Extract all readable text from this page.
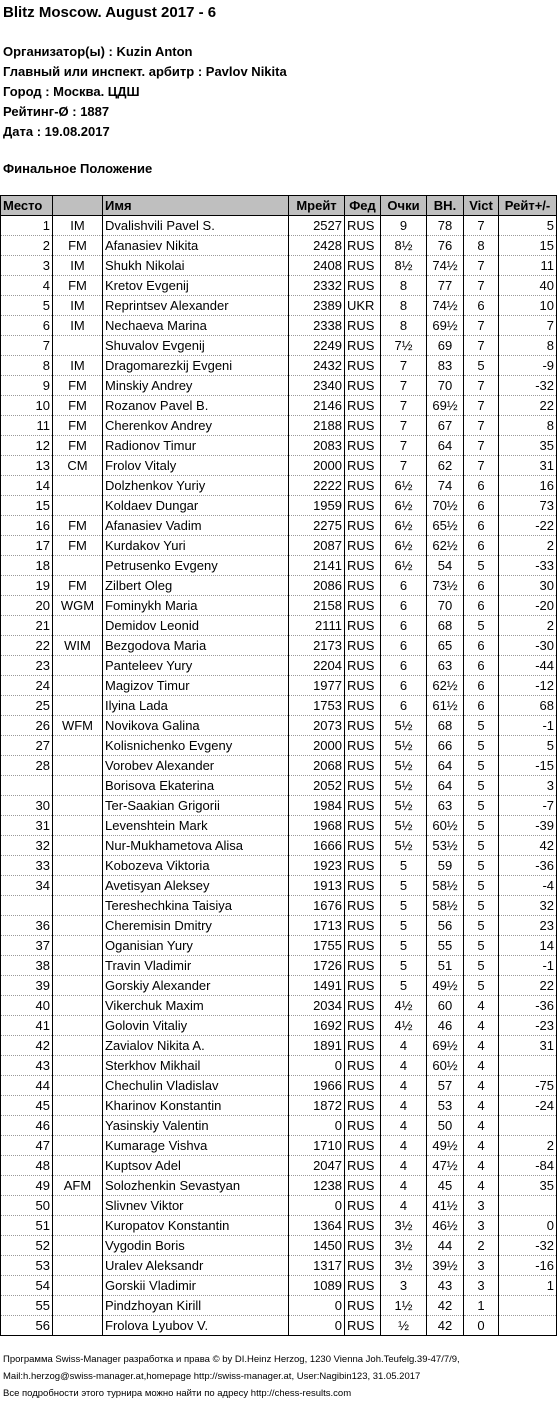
Blitz Moscow. August 2017 - 6
Организатор(ы) : Kuzin Anton
Главный или инспект. арбитр : Pavlov Nikita
Город : Москва. ЦДШ
Рейтинг-Ø : 1887
Дата : 19.08.2017
Финальное Положение
Место		Имя	Мрейт	Фед	Очки	ВН.	Vict	Рейт+/-
1	IM	Dvalishvili Pavel S.	2527	RUS	9	78	7	5
2	FM	Afanasiev Nikita	2428	RUS	8½	76	8	15
3	IM	Shukh Nikolai	2408	RUS	8½	74½	7	11
4	FM	Kretov Evgenij	2332	RUS	8	77	7	40
5	IM	Reprintsev Alexander	2389	UKR	8	74½	6	10
6	IM	Nechaeva Marina	2338	RUS	8	69½	7	7
7		Shuvalov Evgenij	2249	RUS	7½	69	7	8
8	IM	Dragomarezkij Evgeni	2432	RUS	7	83	5	-9
9	FM	Minskiy Andrey	2340	RUS	7	70	7	-32
10	FM	Rozanov Pavel B.	2146	RUS	7	69½	7	22
11	FM	Cherenkov Andrey	2188	RUS	7	67	7	8
12	FM	Radionov Timur	2083	RUS	7	64	7	35
13	CM	Frolov Vitaly	2000	RUS	7	62	7	31
14		Dolzhenkov Yuriy	2222	RUS	6½	74	6	16
15		Koldaev Dungar	1959	RUS	6½	70½	6	73
16	FM	Afanasiev Vadim	2275	RUS	6½	65½	6	-22
17	FM	Kurdakov Yuri	2087	RUS	6½	62½	6	2
18		Petrusenko Evgeny	2141	RUS	6½	54	5	-33
19	FM	Zilbert Oleg	2086	RUS	6	73½	6	30
20	WGM	Fominykh Maria	2158	RUS	6	70	6	-20
21		Demidov Leonid	2111	RUS	6	68	5	2
22	WIM	Bezgodova Maria	2173	RUS	6	65	6	-30
23		Panteleev Yury	2204	RUS	6	63	6	-44
24		Magizov Timur	1977	RUS	6	62½	6	-12
25		Ilyina Lada	1753	RUS	6	61½	6	68
26	WFM	Novikova Galina	2073	RUS	5½	68	5	-1
27		Kolisnichenko Evgeny	2000	RUS	5½	66	5	5
28		Vorobev Alexander	2068	RUS	5½	64	5	-15
		Borisova Ekaterina	2052	RUS	5½	64	5	3
30		Ter-Saakian Grigorii	1984	RUS	5½	63	5	-7
31		Levenshtein Mark	1968	RUS	5½	60½	5	-39
32		Nur-Mukhametova Alisa	1666	RUS	5½	53½	5	42
33		Kobozeva Viktoria	1923	RUS	5	59	5	-36
34		Avetisyan Aleksey	1913	RUS	5	58½	5	-4
		Tereshechkina Taisiya	1676	RUS	5	58½	5	32
36		Cheremisin Dmitry	1713	RUS	5	56	5	23
37		Oganisian Yury	1755	RUS	5	55	5	14
38		Travin Vladimir	1726	RUS	5	51	5	-1
39		Gorskiy Alexander	1491	RUS	5	49½	5	22
40		Vikerchuk Maxim	2034	RUS	4½	60	4	-36
41		Golovin Vitaliy	1692	RUS	4½	46	4	-23
42		Zavialov Nikita A.	1891	RUS	4	69½	4	31
43		Sterkhov Mikhail	0	RUS	4	60½	4	
44		Chechulin Vladislav	1966	RUS	4	57	4	-75
45		Kharinov Konstantin	1872	RUS	4	53	4	-24
46		Yasinskiy Valentin	0	RUS	4	50	4	
47		Kumarage Vishva	1710	RUS	4	49½	4	2
48		Kuptsov Adel	2047	RUS	4	47½	4	-84
49	AFM	Solozhenkin Sevastyan	1238	RUS	4	45	4	35
50		Slivnev Viktor	0	RUS	4	41½	3	
51		Kuropatov Konstantin	1364	RUS	3½	46½	3	0
52		Vygodin Boris	1450	RUS	3½	44	2	-32
53		Uralev Aleksandr	1317	RUS	3½	39½	3	-16
54		Gorskii Vladimir	1089	RUS	3	43	3	1
55		Pindzhoyan Kirill	0	RUS	1½	42	1	
56		Frolova Lyubov V.	0	RUS	½	42	0	
Программа Swiss-Manager разработка и права © by DI.Heinz Herzog, 1230 Vienna Joh.Teufelg.39-47/7/9,
Mail:h.herzog@swiss-manager.at,homepage http://swiss-manager.at, User:Nagibin123, 31.05.2017
Все подробности этого турнира можно найти по адресу http://chess-results.com
